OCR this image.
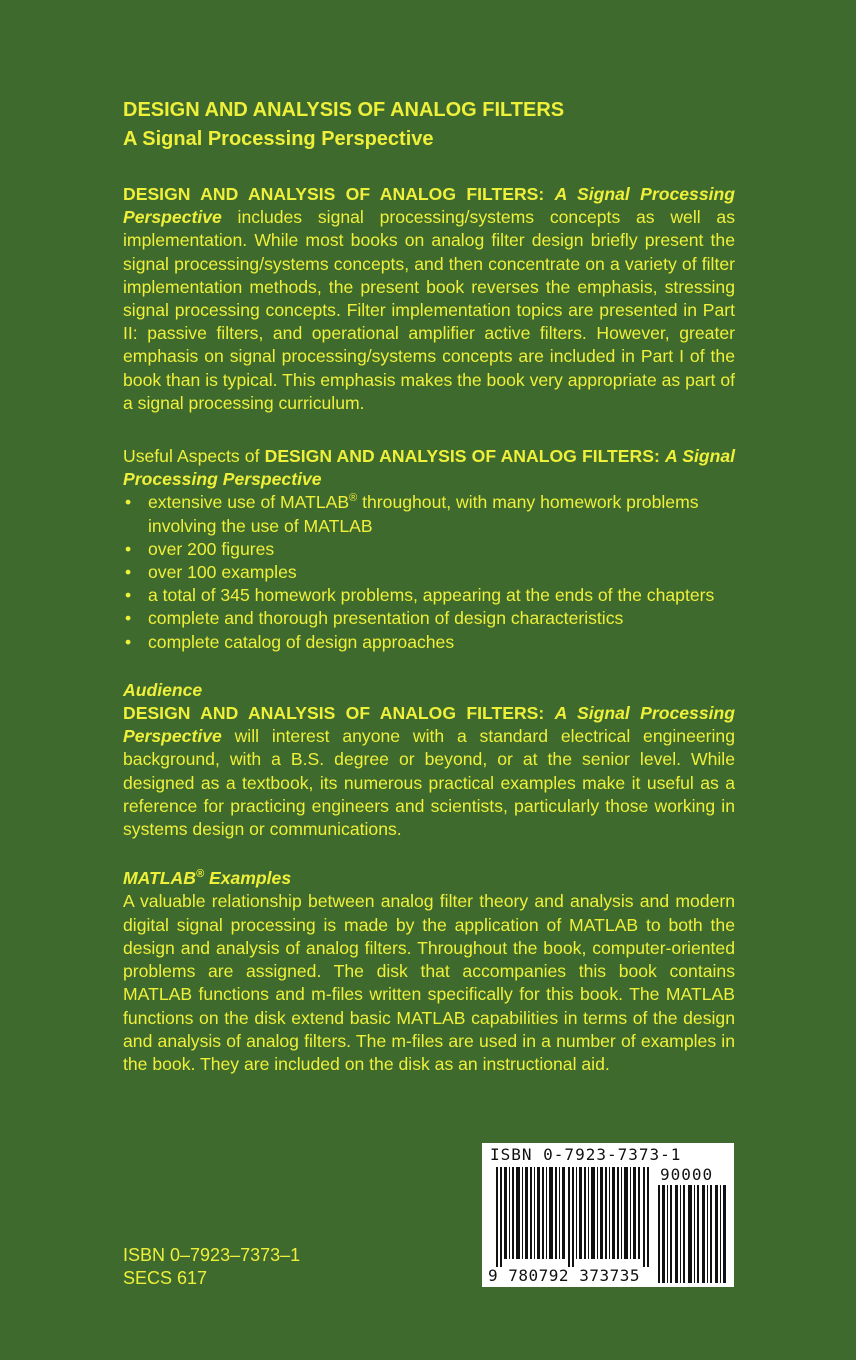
DESIGN AND ANALYSIS OF ANALOG FILTERS

A Signal Processing Perspective

DESIGN AND ANALYSIS OF ANALOG FILTERS: A Signal Processing Perspective includes signal processing/systems concepts as well as implementation. While most books on analog filter design briefly present the signal processing/systems concepts, and then concentrate on a variety of filter implementation methods, the present book reverses the emphasis, stressing signal processing concepts. Filter implementation topics are presented in Part II: passive filters, and operational amplifier active filters. However, greater emphasis on signal processing/systems concepts are included in Part I of the book than is typical. This emphasis makes the book very appropriate as part of a signal processing curriculum.

Useful Aspects of DESIGN AND ANALYSIS OF ANALOG FILTERS: A Signal Processing Perspective

• extensive use of MATLAB® throughout, with many homework problems involving the use of MATLAB
• over 200 figures
• over 100 examples
• a total of 345 homework problems, appearing at the ends of the chapters
• complete and thorough presentation of design characteristics
• complete catalog of design approaches

Audience

DESIGN AND ANALYSIS OF ANALOG FILTERS: A Signal Processing Perspective will interest anyone with a standard electrical engineering background, with a B.S. degree or beyond, or at the senior level. While designed as a textbook, its numerous practical examples make it useful as a reference for practicing engineers and scientists, particularly those working in systems design or communications.

MATLAB® Examples

A valuable relationship between analog filter theory and analysis and modern digital signal processing is made by the application of MATLAB to both the design and analysis of analog filters. Throughout the book, computer-oriented problems are assigned. The disk that accompanies this book contains MATLAB functions and m-files written specifically for this book. The MATLAB functions on the disk extend basic MATLAB capabilities in terms of the design and analysis of analog filters. The m-files are used in a number of examples in the book. They are included on the disk as an instructional aid.

ISBN 0–7923–7373–1
SECS 617
ISBN 0-7923-7373-1
90000
9 780792 373735
